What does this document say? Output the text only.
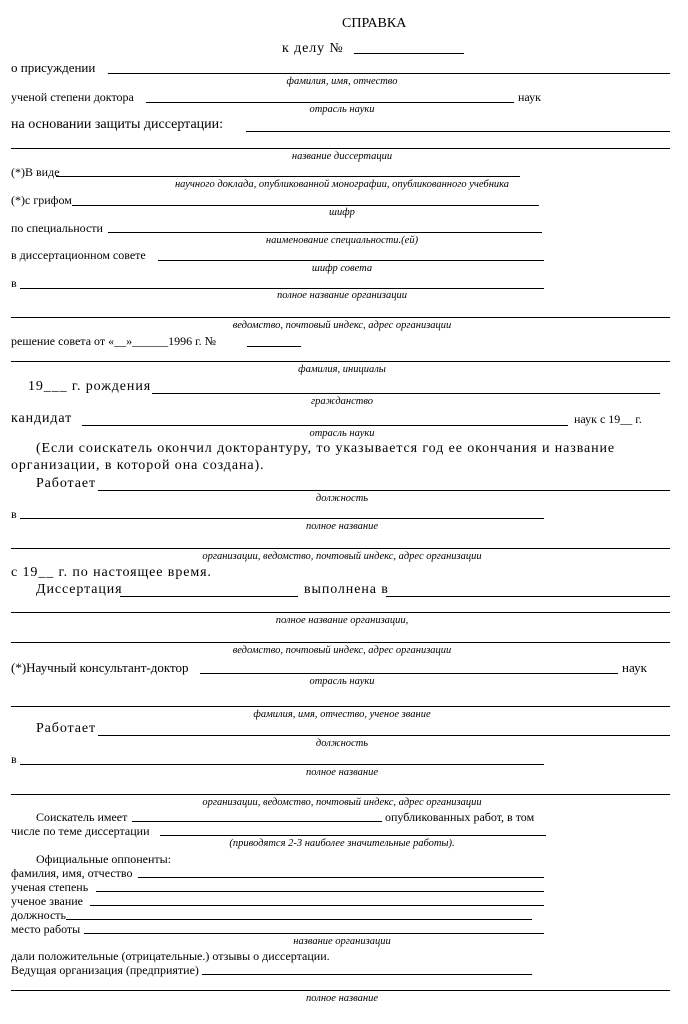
СПРАВКА
к делу №
о присуждении
фамилия, имя, отчество
ученой степени доктора	наук
отрасль науки
на основании защиты диссертации:
название диссертации
(*)В виде
научного доклада, опубликованной монографии, опубликованного учебника
(*)с грифом
шифр
по специальности
наименование специальности.(ей)
в диссертационном совете
шифр совета
в
полное название организации
ведомство, почтовый индекс, адрес организации
решение совета от «__»______1996 г. №
фамилия, инициалы
19___ г. рождения
гражданство
кандидат	наук с 19__ г.
отрасль науки
(Если соискатель окончил докторантуру, то указывается год ее окончания и название
организации, в которой она создана).
Работает
должность
в
полное название
организации, ведомство, почтовый индекс, адрес организации
с 19__ г. по настоящее время.
Диссертация	выполнена в
полное название организации,
ведомство, почтовый индекс, адрес организации
(*)Научный консультант-доктор	наук
отрасль науки
фамилия, имя, отчество, ученое звание
Работает
должность
в
полное название
организации, ведомство, почтовый индекс, адрес организации
Соискатель имеет	опубликованных работ, в том
числе по теме диссертации
(приводятся 2-3 наиболее значительные работы).
Официальные оппоненты:
фамилия, имя, отчество
ученая степень
ученое звание
должность
место работы
название организации
дали положительные (отрицательные.) отзывы о диссертации.
Ведущая организация (предприятие)
полное название
